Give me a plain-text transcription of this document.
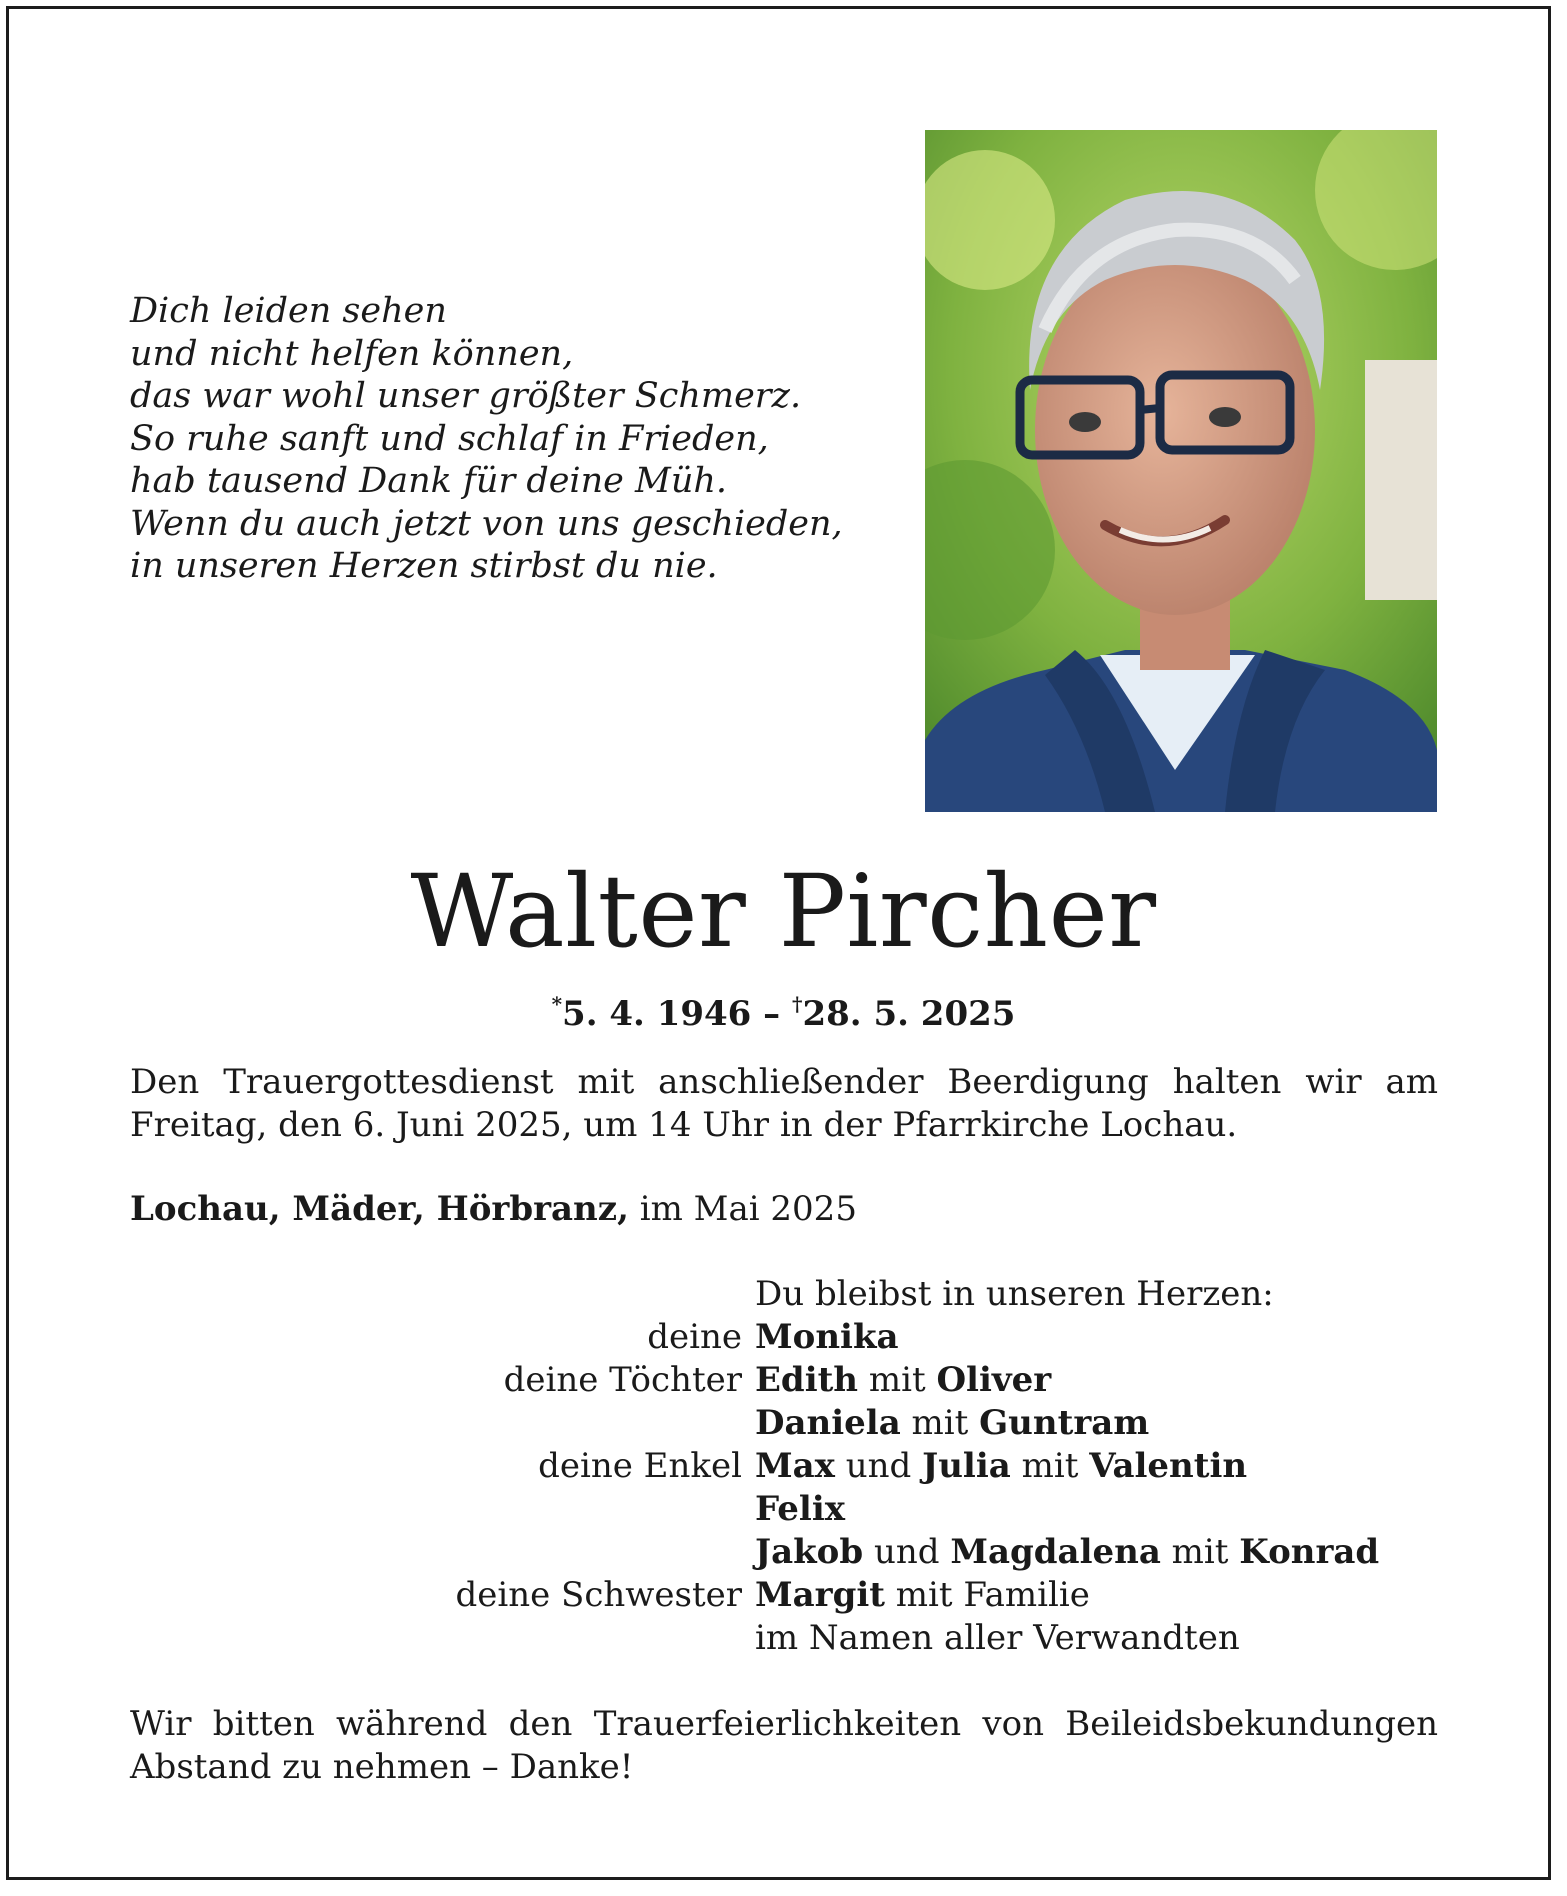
Dich leiden sehen
und nicht helfen können,
das war wohl unser größter Schmerz.
So ruhe sanft und schlaf in Frieden,
hab tausend Dank für deine Müh.
Wenn du auch jetzt von uns geschieden,
in unseren Herzen stirbst du nie.
Walter Pircher
*5. 4. 1946 – †28. 5. 2025

Den Trauergottesdienst mit anschließender Beerdigung halten wir am Freitag, den 6. Juni 2025, um 14 Uhr in der Pfarrkirche Lochau.

Lochau, Mäder, Hörbranz, im Mai 2025
Du bleibst in unseren Herzen:
deine Monika
deine Töchter Edith mit Oliver
Daniela mit Guntram
deine Enkel Max und Julia mit Valentin
Felix
Jakob und Magdalena mit Konrad
deine Schwester Margit mit Familie
im Namen aller Verwandten

Wir bitten während den Trauerfeierlichkeiten von Beileidsbekundungen Abstand zu nehmen – Danke!
